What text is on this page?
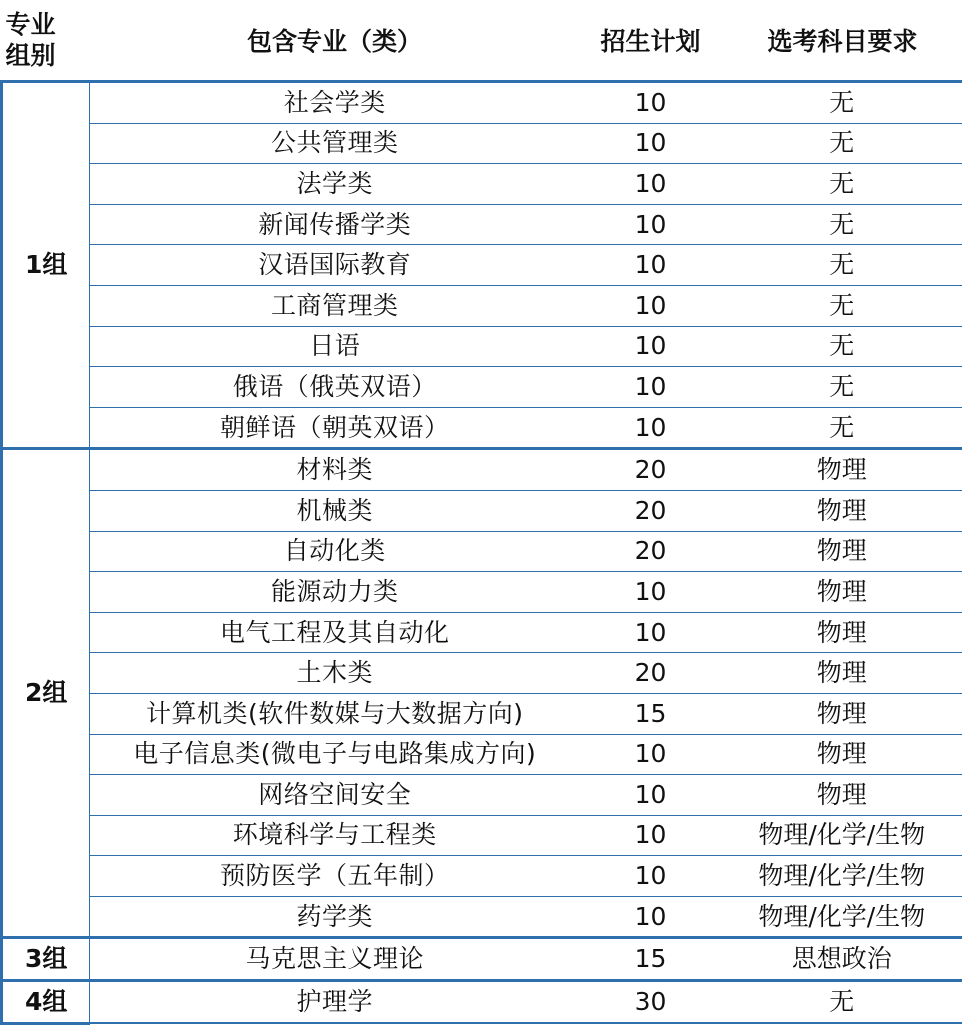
专业
组别	包含专业（类）	招生计划	选考科目要求
1组	社会学类	10	无
	公共管理类	10	无
	法学类	10	无
	新闻传播学类	10	无
	汉语国际教育	10	无
	工商管理类	10	无
	日语	10	无
	俄语（俄英双语）	10	无
	朝鲜语（朝英双语）	10	无
2组	材料类	20	物理
	机械类	20	物理
	自动化类	20	物理
	能源动力类	10	物理
	电气工程及其自动化	10	物理
	土木类	20	物理
	计算机类(软件数媒与大数据方向)	15	物理
	电子信息类(微电子与电路集成方向)	10	物理
	网络空间安全	10	物理
	环境科学与工程类	10	物理/化学/生物
	预防医学（五年制）	10	物理/化学/生物
	药学类	10	物理/化学/生物
3组	马克思主义理论	15	思想政治
4组	护理学	30	无
